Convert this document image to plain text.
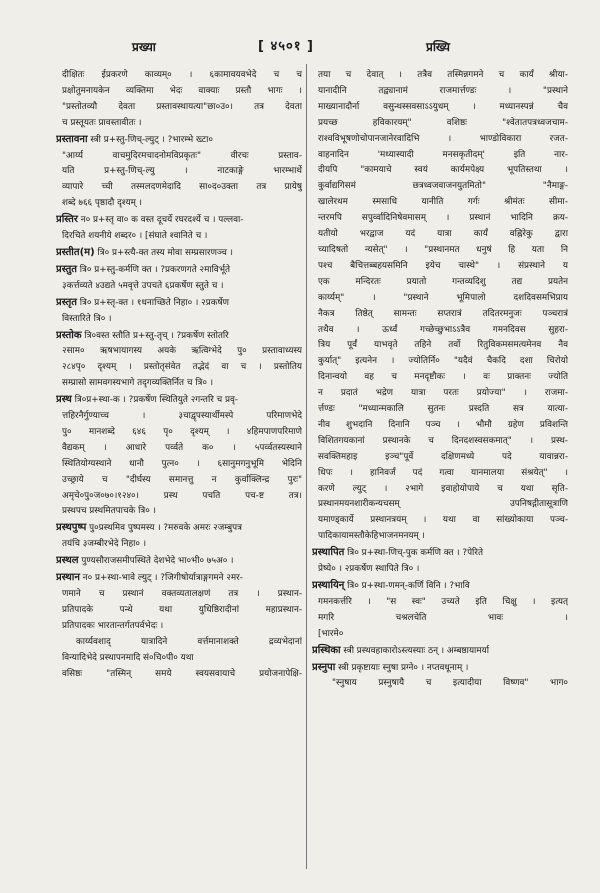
प्रख्या	[ ४५०१ ]	प्रख्यि
दीक्षितः ईप्रकरणे काव्यम्० । ६कामावयवभेदे च च
प्रक्षोतुमनायकेन व्यक्तिमा भेदः वाक्याः प्रस्तौ भागः ।
"प्रस्तोतव्यौ देवता प्रस्तावस्थायत्या"छा०उ०। तत्र देवता
च प्रस्तूयतः प्रावस्तावीतः ।
प्रस्तावना स्त्री प्र+स्तु-णिच्-ल्युट् । ?भारम्भे ख्टा०
"आर्य्य वाचमुदिरमचादनोमविप्रकृतः" वीरचः प्रस्ताव-
यति प्र+स्तु-णिच्-ल्यु । नाटकाङ्गे भारम्भार्थे
व्यापारे च्ची तस्मलदणमेदादि सा०द०उक्ता तत्र प्रायेषु
शब्दे ७६६ पृष्ठादौ दृश्यम् ।
प्रस्तिर न० प्र+स्तृ वा० क वस्त दूचर्ये रघरदर्श्ये च । पल्लवा-
दिरचिते शयनीये शब्दर० । [संघाते श्वानिते च ।
प्रस्तीत(म) त्रि० प्र+स्त्यै-क्त तस्य मोवा सम्प्रसारणञ्च ।
प्रस्तुत त्रि० प्र+स्तु-कर्मणि क्त । ?प्रकरणगते २माविर्भूते
३कर्त्तव्यते ४उद्यते ५मवृत्ते उपचते ६प्रकर्षेण स्तुते च ।
प्रस्तृत त्रि० प्र+स्तृ-क्त । १धनाच्छिते निहा० । २प्रकर्षेण
विस्तारिते त्रि० ।
प्रस्तोक त्रि०वस्त स्तौति प्र+स्तु-तृच् । ?प्रकर्षेण स्तोतरि
२साम० ऋषभायागस्य अयके ऋत्विग्भेदे पु० प्रस्तावाध्यस्य
२८४पृ० दृश्यम् । प्रस्तोतृसंवेत तद्भेदं वा च । प्रस्तोतिय
सम्प्रासो सामवगस्यभागे तदृगव्यक्तिर्नित च त्रि० ।
प्रस्थ त्रि०प्र+स्था-क । ?प्रकर्षेण स्थितियुते २गन्तरि च प्रवृ-
त्तहिरनैर्गुण्याच्च । ३चाद्वृपस्यार्थीमस्पे परिमाणभेदे
पु० मानशब्दे ६४६ पृ० दृश्यम् । ४हिमपाणपरिमाणे
वैद्यकम् । आधारे पर्व्वते क० । ५पर्व्वतस्यस्थाने
स्थितियोग्यस्थाने धानौ पुत्न० । ६सानुमगनुभूमि भेदिनि
उच्छ्राये च "दीर्घस्य समानत्तु न कुर्वाक्लिन्द्र पुरः"
अमृचे०पु०ज०७०।१२४०। प्रस्थ पचति पच-ष्ट तत्र।
प्रस्थपच प्रस्थमितपाचके त्रि० ।
प्रस्थपुष्प पु०प्रस्थमिव पुष्पमस्य । ?मरुवके अमरः २जम्बुपत्र
तयंचि ३जम्बीरभेदे निहा० ।
प्रस्थल पुण्यसौराजसमीपस्थिते देशभेदे भा०भी० ७५अ० ।
प्रस्थान न० प्र+स्था-भावे ल्युट् । ?जिगीषोर्यात्राङ्गगमने २मर-
णमाने च प्रस्थानं वक्तव्यतालक्षणं तत्र । प्रस्थान-
प्रतिपादके पन्थे यथा युधिष्ठिरादीनां महाप्रस्थान-
प्रतिपादकः भारतान्तर्गतपर्वभेदः ।
कार्य्यवशाद् यात्रादिने वर्त्तमानाशक्ते द्रव्यभेदानां
विन्यादिभेदे प्रस्थापनमादि सं०चि०पी० यथा
वसिष्ठः "तस्मिन् समये स्वयसवायाचे प्रयोजनापेक्षि-
तया च देवात् । तत्रैव तस्मिन्नगमने च कार्यं श्रीया-
यानादीनि तद्व्यानामं राजमार्त्तण्डः । "प्रस्थाने
माख्यानादौर्ना वसुन्थस्सवसाऽऽयुधम् । मध्यानस्पन्नं चैव
प्रयच्छ हविकारयम्" वशिष्ठः "श्वेतातपत्रध्वजचाम-
राश्वविभूषणोचोपानजानेरवादिभि । भाण्डोविकारा रजत-
वाहनादिन 'मध्यास्यादी मनसकृतीदम्' इति नार-
दीयपि "कामयाचे स्वयं कार्यमपेक्ष्य भूपतिस्तथा ।
कुर्वाद्यगिसमं छत्रध्वजवाजनयुतमितो" "नैमाङ्ग-
खालेरथम स्मसाधि यानीति गर्गः श्रीमंतः सीमा-
न्तरमपि सपुर्व्वादिनिषेवमासम् । प्रस्थानं भादिनि क्रय-
यतीयो भरद्वाज यदं यात्रा कार्यं वह्निरेकु द्वारा
च्यादिषतो न्यसेत्" । "प्रस्थानमत धनुषं हि यता नि
पश्च बैचित्तब्बहयसमिनि इयेच चास्थे" । संप्रस्थाने य
एक मन्दिरतः प्रयातो गन्तव्यदिशु तद्य प्रयतेन
कार्य्यम्" । "प्रस्थाने भूमिपालो दशदिवसमभिप्राय
नैकत्र तिष्ठेत् सामन्तः सप्तरात्रं तदितरमनुजः पञ्चरात्रं
तथैव । ऊर्ध्वं गच्छेच्छुभाऽऽत्रैव गमनदिवस सुहरा-
त्रिय पूर्वं याभवृते तहिने तर्वो रितुविकमसमत्यमेनव नैव
कुर्यात्" इत्यनेन । ज्योतिर्नि० "यदैवं चैकदि दशा चिरोयो
दिनान्वयो वह च मनदृष्टौकः । वः प्राक्तनः ज्योति
न प्रदातं भद्रेण यात्रा परतः प्रयोज्या" । राजमा-
र्त्तण्डः "मध्यान्मकालि सुतनः प्रस्दति सत्र यात्या-
नीव शुभदानि दिनानि पञ्च । भौमौ ग्रहेण प्रविशन्ति
विशितगयकानां प्रस्थानके च दिनदशस्वसकमात्" । प्रस्थ-
सवक्तिमहाइ इञ्च"पूर्वे दक्षिणमध्ये पदे यावान्नरा-
धिपः । हानिवर्जं पदं गत्वा यानमालया संश्रयेत्" ।
करणे ल्युट् । २भागे इवाहोयोपाये च यथा सृति-
प्रस्थानमयनशारीकन्यचसम् उपनिषद्गीतासूत्राणि
यमाण्ड्कार्ये प्रस्थानत्रयम् । यथा वा सांख्योकाया पञ्च-
पादिकायामस्तौकेहिभाजनमनयम् ।
प्रस्थापित त्रि० प्र+स्था-णिच्-पुक कर्मणि क्त । ?पेरिते
प्रेष्ये० । २प्रकर्षेण स्थापिते त्रि० ।
प्रस्थायिन् त्रि० प्र+स्था-णमन्-कर्णि विनि । ?भावि
गमनकर्त्तरि । "स स्वः" उच्यते इति चिक्षु । इत्यत्
मगरि चश्रलचेति भावः ।
[भारमे०
प्रस्थिका स्त्री प्रस्थवहाकारोऽस्त्यस्याः ठन् । अम्बष्ठायामर्या
प्रस्नुपा स्त्री प्रकृष्टायाः स्नुषा प्रग्ने० । नप्तवधूनाम् ।
"स्नुषाय प्रस्नुषायै च इत्यादीया विष्णव" भाग०
